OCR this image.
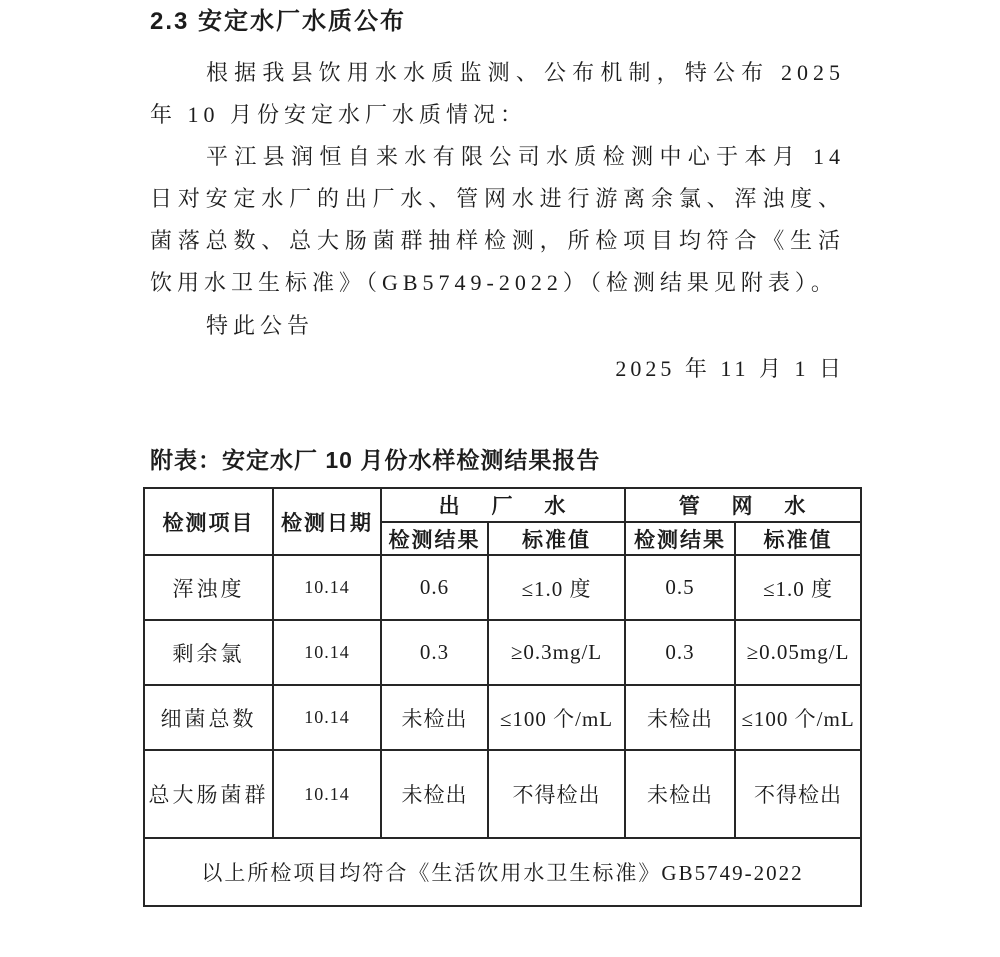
2.3 安定水厂水质公布

根据我县饮用水水质监测、公布机制，特公布 2025 年 10 月份安定水厂水质情况：

平江县润恒自来水有限公司水质检测中心于本月 14 日对安定水厂的出厂水、管网水进行游离余氯、浑浊度、菌落总数、总大肠菌群抽样检测，所检项目均符合《生活饮用水卫生标准》（GB5749-2022）（检测结果见附表）。

特此公告

2025 年 11 月 1 日

附表：安定水厂 10 月份水样检测结果报告
检测项目	检测日期	出 厂 水		管 网 水	
		检测结果	标准值	检测结果	标准值
浑浊度	10.14	0.6	≤1.0 度	0.5	≤1.0 度
剩余氯	10.14	0.3	≥0.3mg/L	0.3	≥0.05mg/L
细菌总数	10.14	未检出	≤100 个/mL	未检出	≤100 个/mL
总大肠菌群	10.14	未检出	不得检出	未检出	不得检出
以上所检项目均符合《生活饮用水卫生标准》GB5749-2022					
